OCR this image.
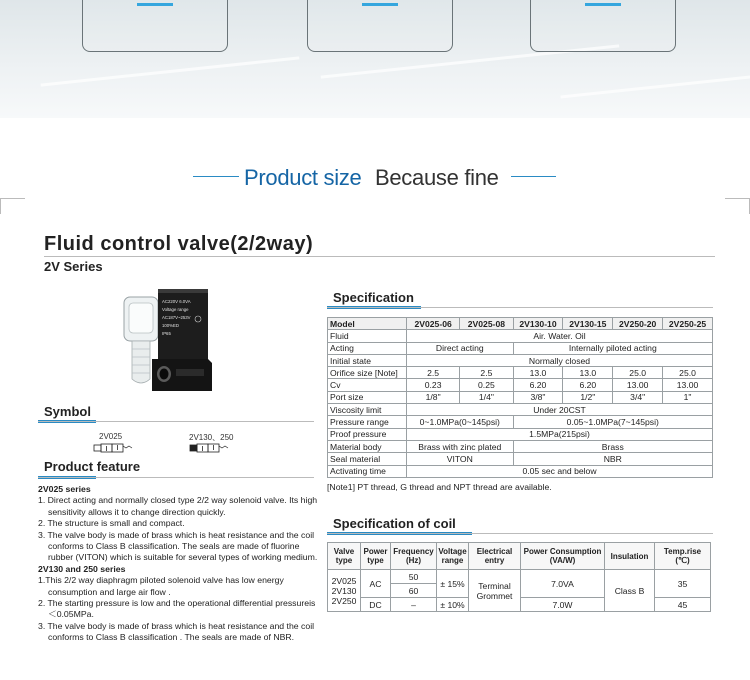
Product size Because fine
Fluid control valve(2/2way)
2V Series
AC220V 6.0VA
Voltage range
AC187V~253V
100%ED
IP65
Symbol
2V025	2V130、250
Product feature
2V025 series
1. Direct acting and normally closed type 2/2 way solenoid valve. Its high sensitivity allows it to change direction quickly.
2. The structure is small and compact.
3. The valve body is made of brass which is heat resistance and the coil conforms to Class B classification. The seals are made of fluorine rubber (VITON) which is suitable for several types of working medium.
2V130 and 250 series
1.This 2/2 way diaphragm piloted solenoid valve has low energy consumption and large air flow .
2. The starting pressure is low and the operational differential pressureis＜0.05MPa.
3. The valve body is made of brass which is heat resistance and the coil conforms to Class B classification . The seals are made of NBR.
Specification
Model	2V025-06	2V025-08	2V130-10	2V130-15	2V250-20	2V250-25
Fluid	Air. Water. Oil					
Acting	Direct acting		Internally piloted acting			
Initial state	Normally closed					
Orifice size [Note]	2.5	2.5	13.0	13.0	25.0	25.0
Cv	0.23	0.25	6.20	6.20	13.00	13.00
Port size	1/8"	1/4"	3/8"	1/2"	3/4"	1"
Viscosity limit	Under 20CST					
Pressure range	0~1.0MPa(0~145psi)		0.05~1.0MPa(7~145psi)			
Proof pressure	1.5MPa(215psi)					
Material body	Brass with zinc plated		Brass			
Seal material	VITON		NBR			
Activating time	0.05 sec and below					
[Note1] PT thread, G thread and NPT thread are available.
Specification of coil
Valve type	Power type	Frequency (Hz)	Voltage range	Electrical entry	Power Consumption (VA/W)	Insulation	Temp.rise (℃)
2V025 2V130 2V250	AC	50	± 15%	Terminal Grommet	7.0VA	Class B	35
		60					
	DC	–	± 10%		7.0W		45
